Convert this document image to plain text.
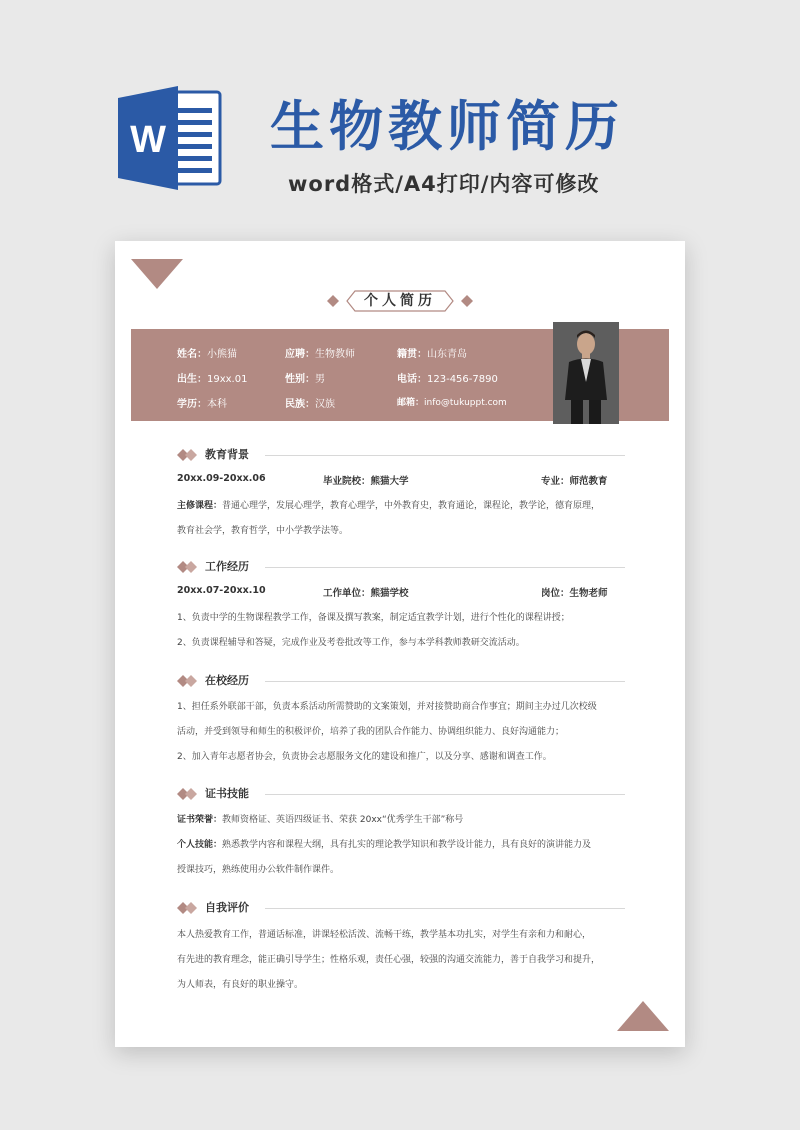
W 生物教师简历
word格式/A4打印/内容可修改
个人简历
姓名：小熊猫	应聘：生物教师	籍贯：山东青岛
出生：19xx.01	性别：男	电话：123-456-7890
学历：本科	民族：汉族	邮箱：info@tukuppt.com
教育背景
20xx.09-20xx.06	毕业院校：熊猫大学	专业：师范教育
主修课程：普通心理学，发展心理学，教育心理学，中外教育史，教育通论，课程论，教学论，德育原理，
教育社会学，教育哲学，中小学教学法等。
工作经历
20xx.07-20xx.10	工作单位：熊猫学校	岗位：生物老师
1、负责中学的生物课程教学工作，备课及撰写教案，制定适宜教学计划，进行个性化的课程讲授；
2、负责课程辅导和答疑，完成作业及考卷批改等工作，参与本学科教师教研交流活动。
在校经历
1、担任系外联部干部，负责本系活动所需赞助的文案策划，并对接赞助商合作事宜；期间主办过几次校级
活动，并受到领导和师生的积极评价，培养了我的团队合作能力、协调组织能力、良好沟通能力；
2、加入青年志愿者协会，负责协会志愿服务文化的建设和推广，以及分享、感谢和调查工作。
证书技能
证书荣誉：教师资格证、英语四级证书、荣获 20xx“优秀学生干部”称号
个人技能：熟悉教学内容和课程大纲，具有扎实的理论教学知识和教学设计能力，具有良好的演讲能力及
授课技巧，熟练使用办公软件制作课件。
自我评价
本人热爱教育工作，普通话标准，讲课轻松活泼、流畅干练，教学基本功扎实，对学生有亲和力和耐心，
有先进的教育理念，能正确引导学生；性格乐观，责任心强，较强的沟通交流能力，善于自我学习和提升，
为人师表，有良好的职业操守。
